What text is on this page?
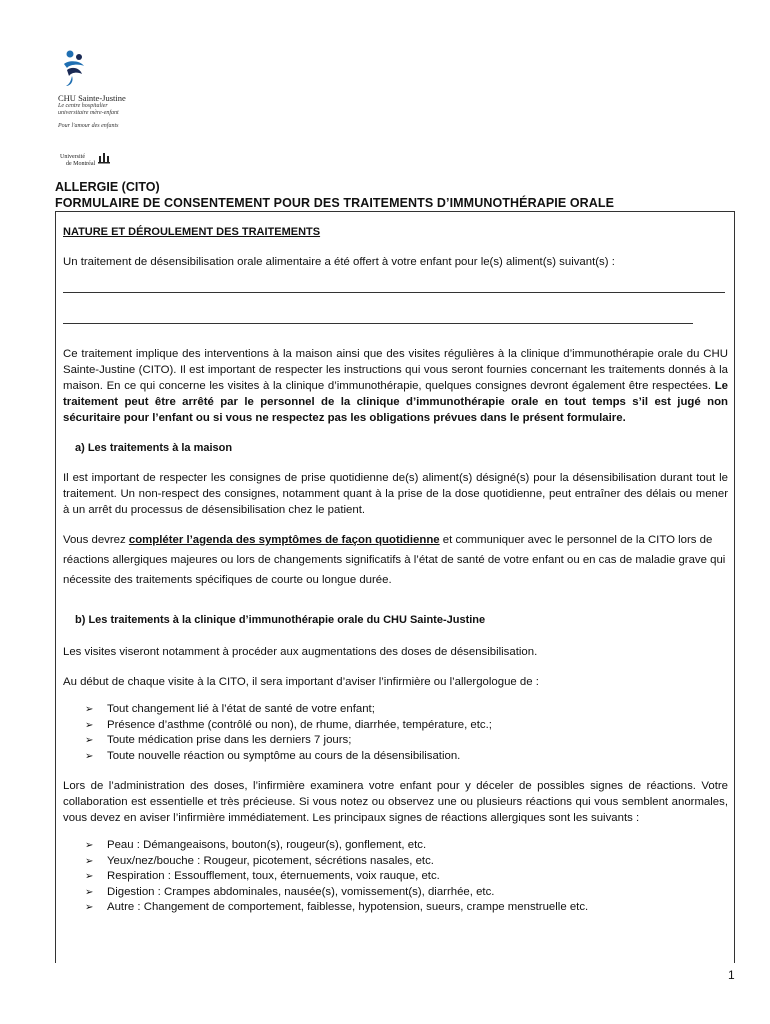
CHU Sainte-Justine
Le centre hospitalier
universitaire mère-enfant
Pour l'amour des enfants
Université
de Montréal
ALLERGIE (CITO)
FORMULAIRE DE CONSENTEMENT POUR DES TRAITEMENTS D’IMMUNOTHÉRAPIE ORALE
NATURE ET DÉROULEMENT DES TRAITEMENTS

Un traitement de désensibilisation orale alimentaire a été offert à votre enfant pour le(s) aliment(s) suivant(s) :

Ce traitement implique des interventions à la maison ainsi que des visites régulières à la clinique d’immunothérapie orale du CHU Sainte-Justine (CITO). Il est important de respecter les instructions qui vous seront fournies concernant les traitements donnés à la maison. En ce qui concerne les visites à la clinique d’immunothérapie, quelques consignes devront également être respectées. Le traitement peut être arrêté par le personnel de la clinique d’immunothérapie orale en tout temps s’il est jugé non sécuritaire pour l’enfant ou si vous ne respectez pas les obligations prévues dans le présent formulaire.

a) Les traitements à la maison

Il est important de respecter les consignes de prise quotidienne de(s) aliment(s) désigné(s) pour la désensibilisation durant tout le traitement. Un non-respect des consignes, notamment quant à la prise de la dose quotidienne, peut entraîner des délais ou mener à un arrêt du processus de désensibilisation chez le patient.

Vous devrez compléter l’agenda des symptômes de façon quotidienne et communiquer avec le personnel de la CITO lors de réactions allergiques majeures ou lors de changements significatifs à l’état de santé de votre enfant ou en cas de maladie grave qui nécessite des traitements spécifiques de courte ou longue durée.

b) Les traitements à la clinique d’immunothérapie orale du CHU Sainte-Justine

Les visites viseront notamment à procéder aux augmentations des doses de désensibilisation.

Au début de chaque visite à la CITO, il sera important d’aviser l’infirmière ou l’allergologue de :

➢ Tout changement lié à l’état de santé de votre enfant;
➢ Présence d’asthme (contrôlé ou non), de rhume, diarrhée, température, etc.;
➢ Toute médication prise dans les derniers 7 jours;
➢ Toute nouvelle réaction ou symptôme au cours de la désensibilisation.

Lors de l’administration des doses, l’infirmière examinera votre enfant pour y déceler de possibles signes de réactions. Votre collaboration est essentielle et très précieuse. Si vous notez ou observez une ou plusieurs réactions qui vous semblent anormales, vous devez en aviser l’infirmière immédiatement. Les principaux signes de réactions allergiques sont les suivants :

➢ Peau : Démangeaisons, bouton(s), rougeur(s), gonflement, etc.
➢ Yeux/nez/bouche : Rougeur, picotement, sécrétions nasales, etc.
➢ Respiration : Essoufflement, toux, éternuements, voix rauque, etc.
➢ Digestion : Crampes abdominales, nausée(s), vomissement(s), diarrhée, etc.
➢ Autre : Changement de comportement, faiblesse, hypotension, sueurs, crampe menstruelle etc.
1
